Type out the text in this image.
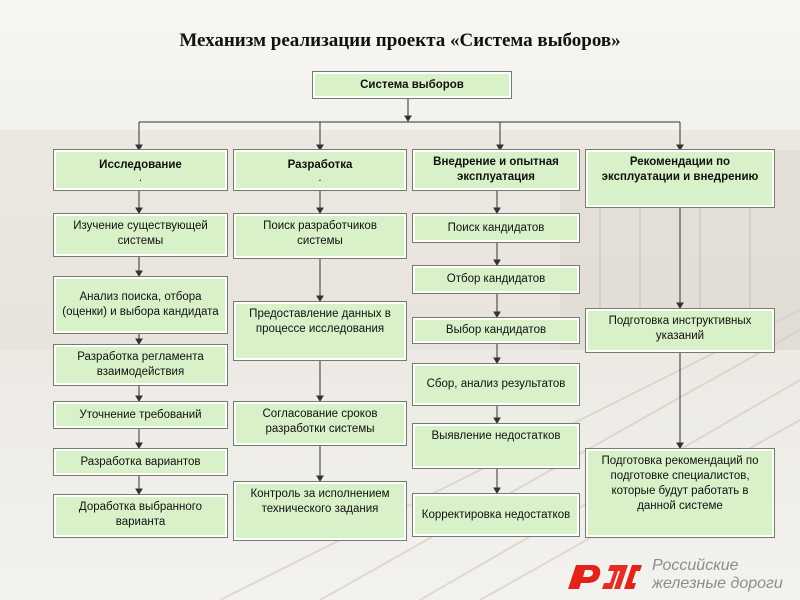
Механизм реализации проекта «Система выборов»
Система выборов
Исследование
.
Разработка
.
Внедрение и опытная эксплуатация
Рекомендации по эксплуатации и внедрению
Изучение существующей системы
Анализ поиска, отбора (оценки) и выбора кандидата
Разработка регламента взаимодействия
Уточнение требований
Разработка вариантов
Доработка выбранного варианта
Поиск разработчиков системы
Предоставление данных в процессе исследования
Согласование сроков разработки системы
Контроль за исполнением технического задания
Поиск кандидатов
Отбор кандидатов
Выбор кандидатов
Сбор, анализ результатов
Выявление недостатков
Корректировка недостатков
Подготовка инструктивных указаний
Подготовка рекомендаций по подготовке специалистов, которые будут работать в данной системе
Российские
железные дороги
